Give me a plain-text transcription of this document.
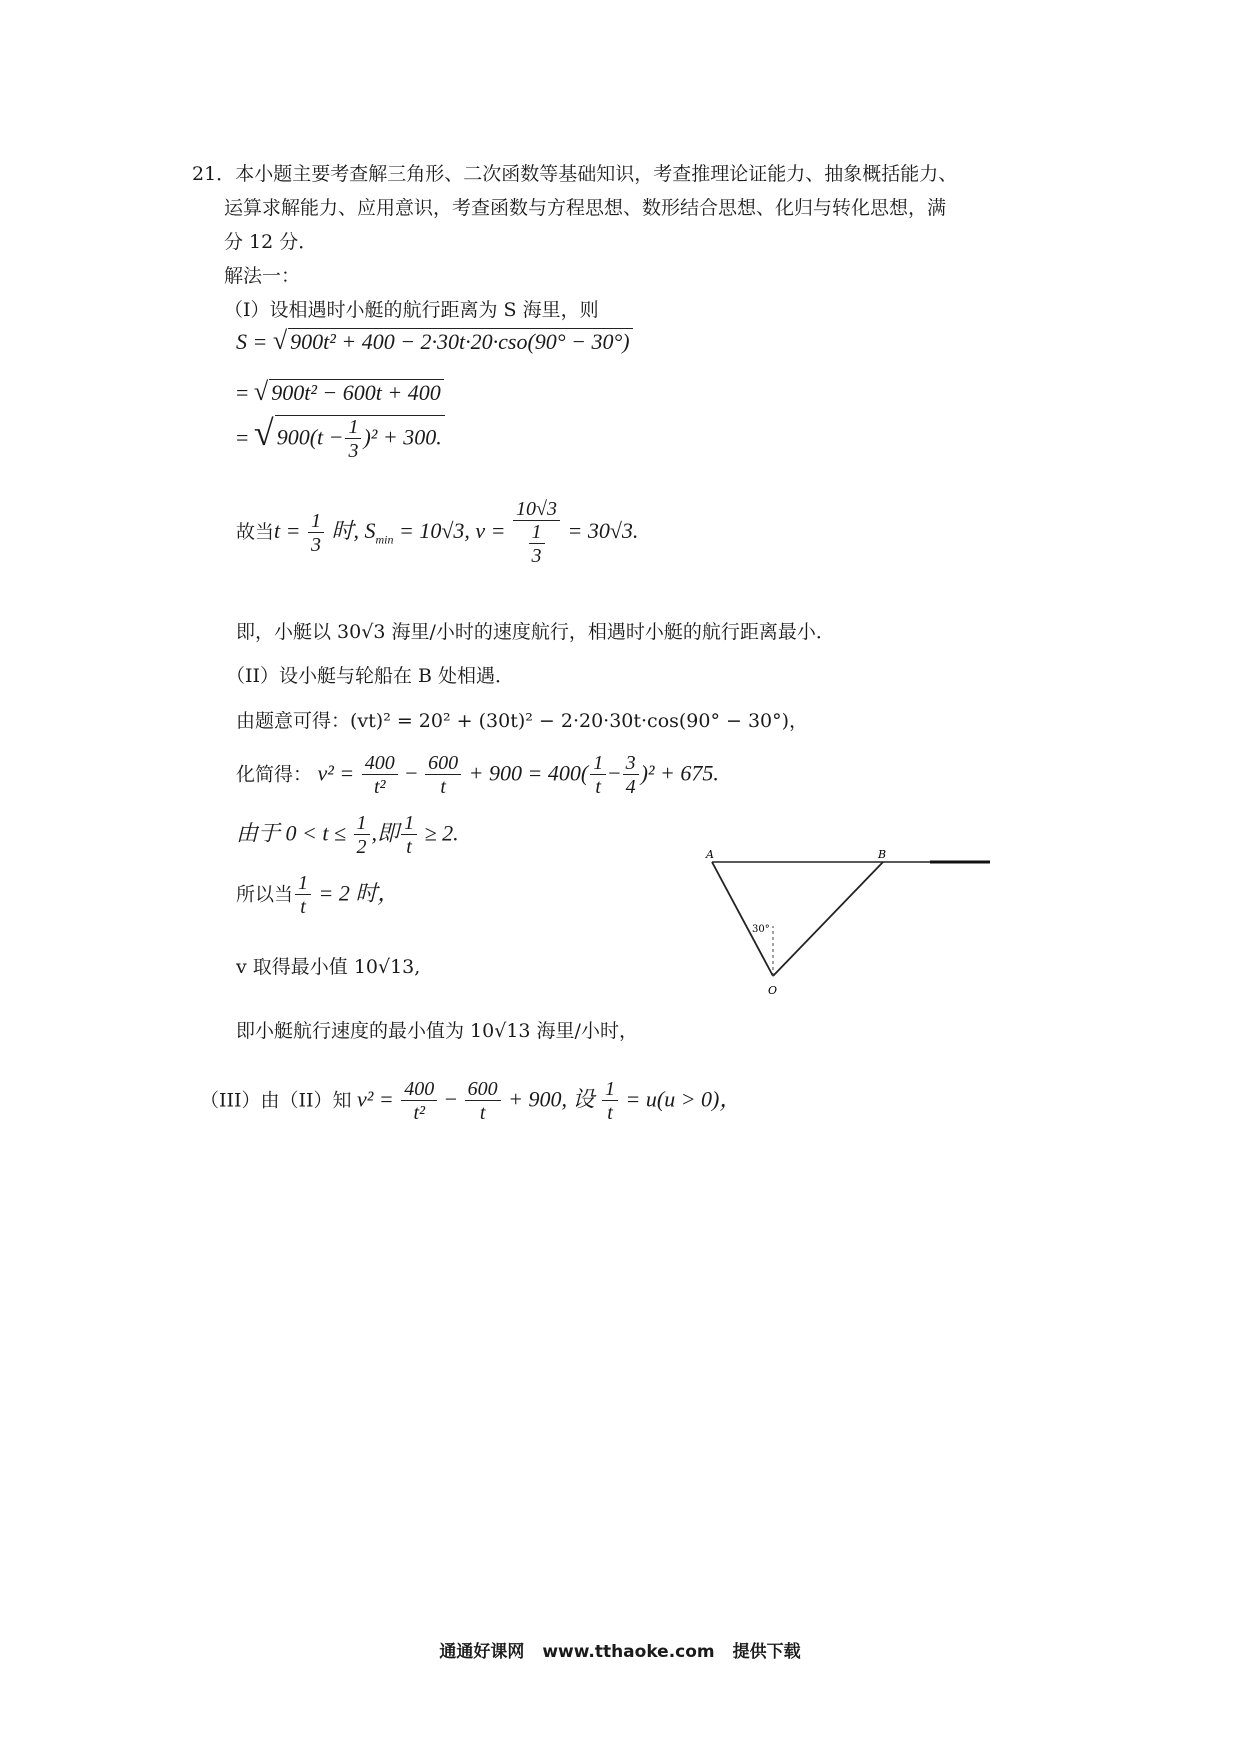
21．本小题主要考查解三角形、二次函数等基础知识，考查推理论证能力、抽象概括能力、
运算求解能力、应用意识，考查函数与方程思想、数形结合思想、化归与转化思想，满
分 12 分．
解法一：
（I）设相遇时小艇的航行距离为 S 海里，则
S = √ 900t² + 400 − 2·30t·20·cso(90° − 30°)
= √ 900t² − 600t + 400
= √ $900(t - \frac{1}{3} )^2 + 300$.
故当$t = \frac{1}{3}$ 时, $S_{min} = 10√3$, $v = \frac{10√3}{\frac{1}{3}} = 30√3$.
即，小艇以 30√3 海里/小时的速度航行，相遇时小艇的航行距离最小．
（II）设小艇与轮船在 B 处相遇．
由题意可得：(vt)² = 20² + (30t)² − 2·20·30t·cos(90° − 30°)，
化简得： $v^2 = \frac{400}{\text{t²}} - \frac{600}{t} + 900 = 400( \frac{1}{t} - \frac{3}{4} )^2 + 675$.
由于 $0 < t \le \frac{1}{2}$ ,即 $\frac{1}{t} \ge 2$.
所以当 $\frac{1}{t} = 2$ 时，
v 取得最小值 10√13,
即小艇航行速度的最小值为 10√13 海里/小时，
（III）由（II）知 $v^2 = \frac{400}{\text{t²}} - \frac{600}{t} + 900$, 设 $\frac{1}{t} = u(u > 0)$，
A	B
O
30°
通通好课网 www.tthaoke.com 提供下载
